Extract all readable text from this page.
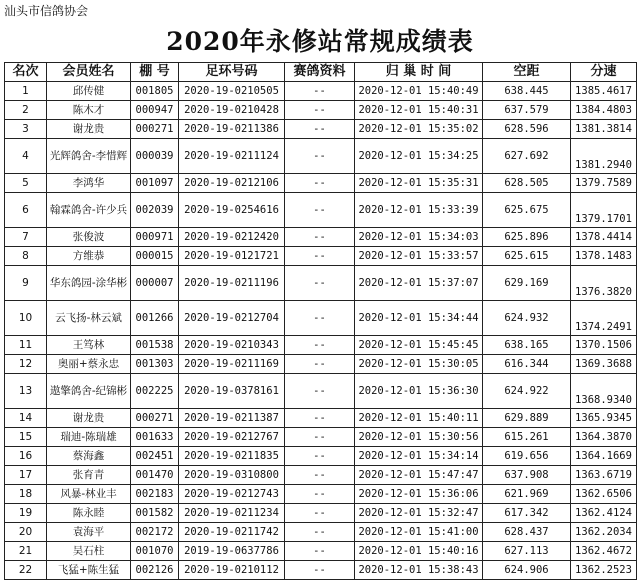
汕头市信鸽协会
2020年永修站常规成绩表
名次	会员姓名	棚 号	足环号码	赛鸽资料	归 巢 时 间	空距	分速
1	邱传健	001805	2020-19-0210505	--	2020-12-01 15:40:49	638.445	1385.4617
2	陈木才	000947	2020-19-0210428	--	2020-12-01 15:40:31	637.579	1384.4803
3	谢龙贵	000271	2020-19-0211386	--	2020-12-01 15:35:02	628.596	1381.3814
4	光辉鸽舍-李惜辉	000039	2020-19-0211124	--	2020-12-01 15:34:25	627.692	1381.2940
5	李鸿华	001097	2020-19-0212106	--	2020-12-01 15:35:31	628.505	1379.7589
6	翰霖鸽舍-许少兵	002039	2020-19-0254616	--	2020-12-01 15:33:39	625.675	1379.1701
7	张俊波	000971	2020-19-0212420	--	2020-12-01 15:34:03	625.896	1378.4414
8	方维恭	000015	2020-19-0121721	--	2020-12-01 15:33:57	625.615	1378.1483
9	华东鸽园-涂华彬	000007	2020-19-0211196	--	2020-12-01 15:37:07	629.169	1376.3820
10	云飞扬-林云斌	001266	2020-19-0212704	--	2020-12-01 15:34:44	624.932	1374.2491
11	王笃林	001538	2020-19-0210343	--	2020-12-01 15:45:45	638.165	1370.1506
12	奥丽+蔡永忠	001303	2020-19-0211169	--	2020-12-01 15:30:05	616.344	1369.3688
13	遨擎鸽舍-纪锦彬	002225	2020-19-0378161	--	2020-12-01 15:36:30	624.922	1368.9340
14	谢龙贵	000271	2020-19-0211387	--	2020-12-01 15:40:11	629.889	1365.9345
15	瑞迪-陈瑞雄	001633	2020-19-0212767	--	2020-12-01 15:30:56	615.261	1364.3870
16	蔡海鑫	002451	2020-19-0211835	--	2020-12-01 15:34:14	619.656	1364.1669
17	张育青	001470	2020-19-0310800	--	2020-12-01 15:47:47	637.908	1363.6719
18	风暴-林业丰	002183	2020-19-0212743	--	2020-12-01 15:36:06	621.969	1362.6506
19	陈永睦	001582	2020-19-0211234	--	2020-12-01 15:32:47	617.342	1362.4124
20	袁海平	002172	2020-19-0211742	--	2020-12-01 15:41:00	628.437	1362.2034
21	吴石柱	001070	2019-19-0637786	--	2020-12-01 15:40:16	627.113	1362.4672
22	飞猛+陈生猛	002126	2020-19-0210112	--	2020-12-01 15:38:43	624.906	1362.2523
